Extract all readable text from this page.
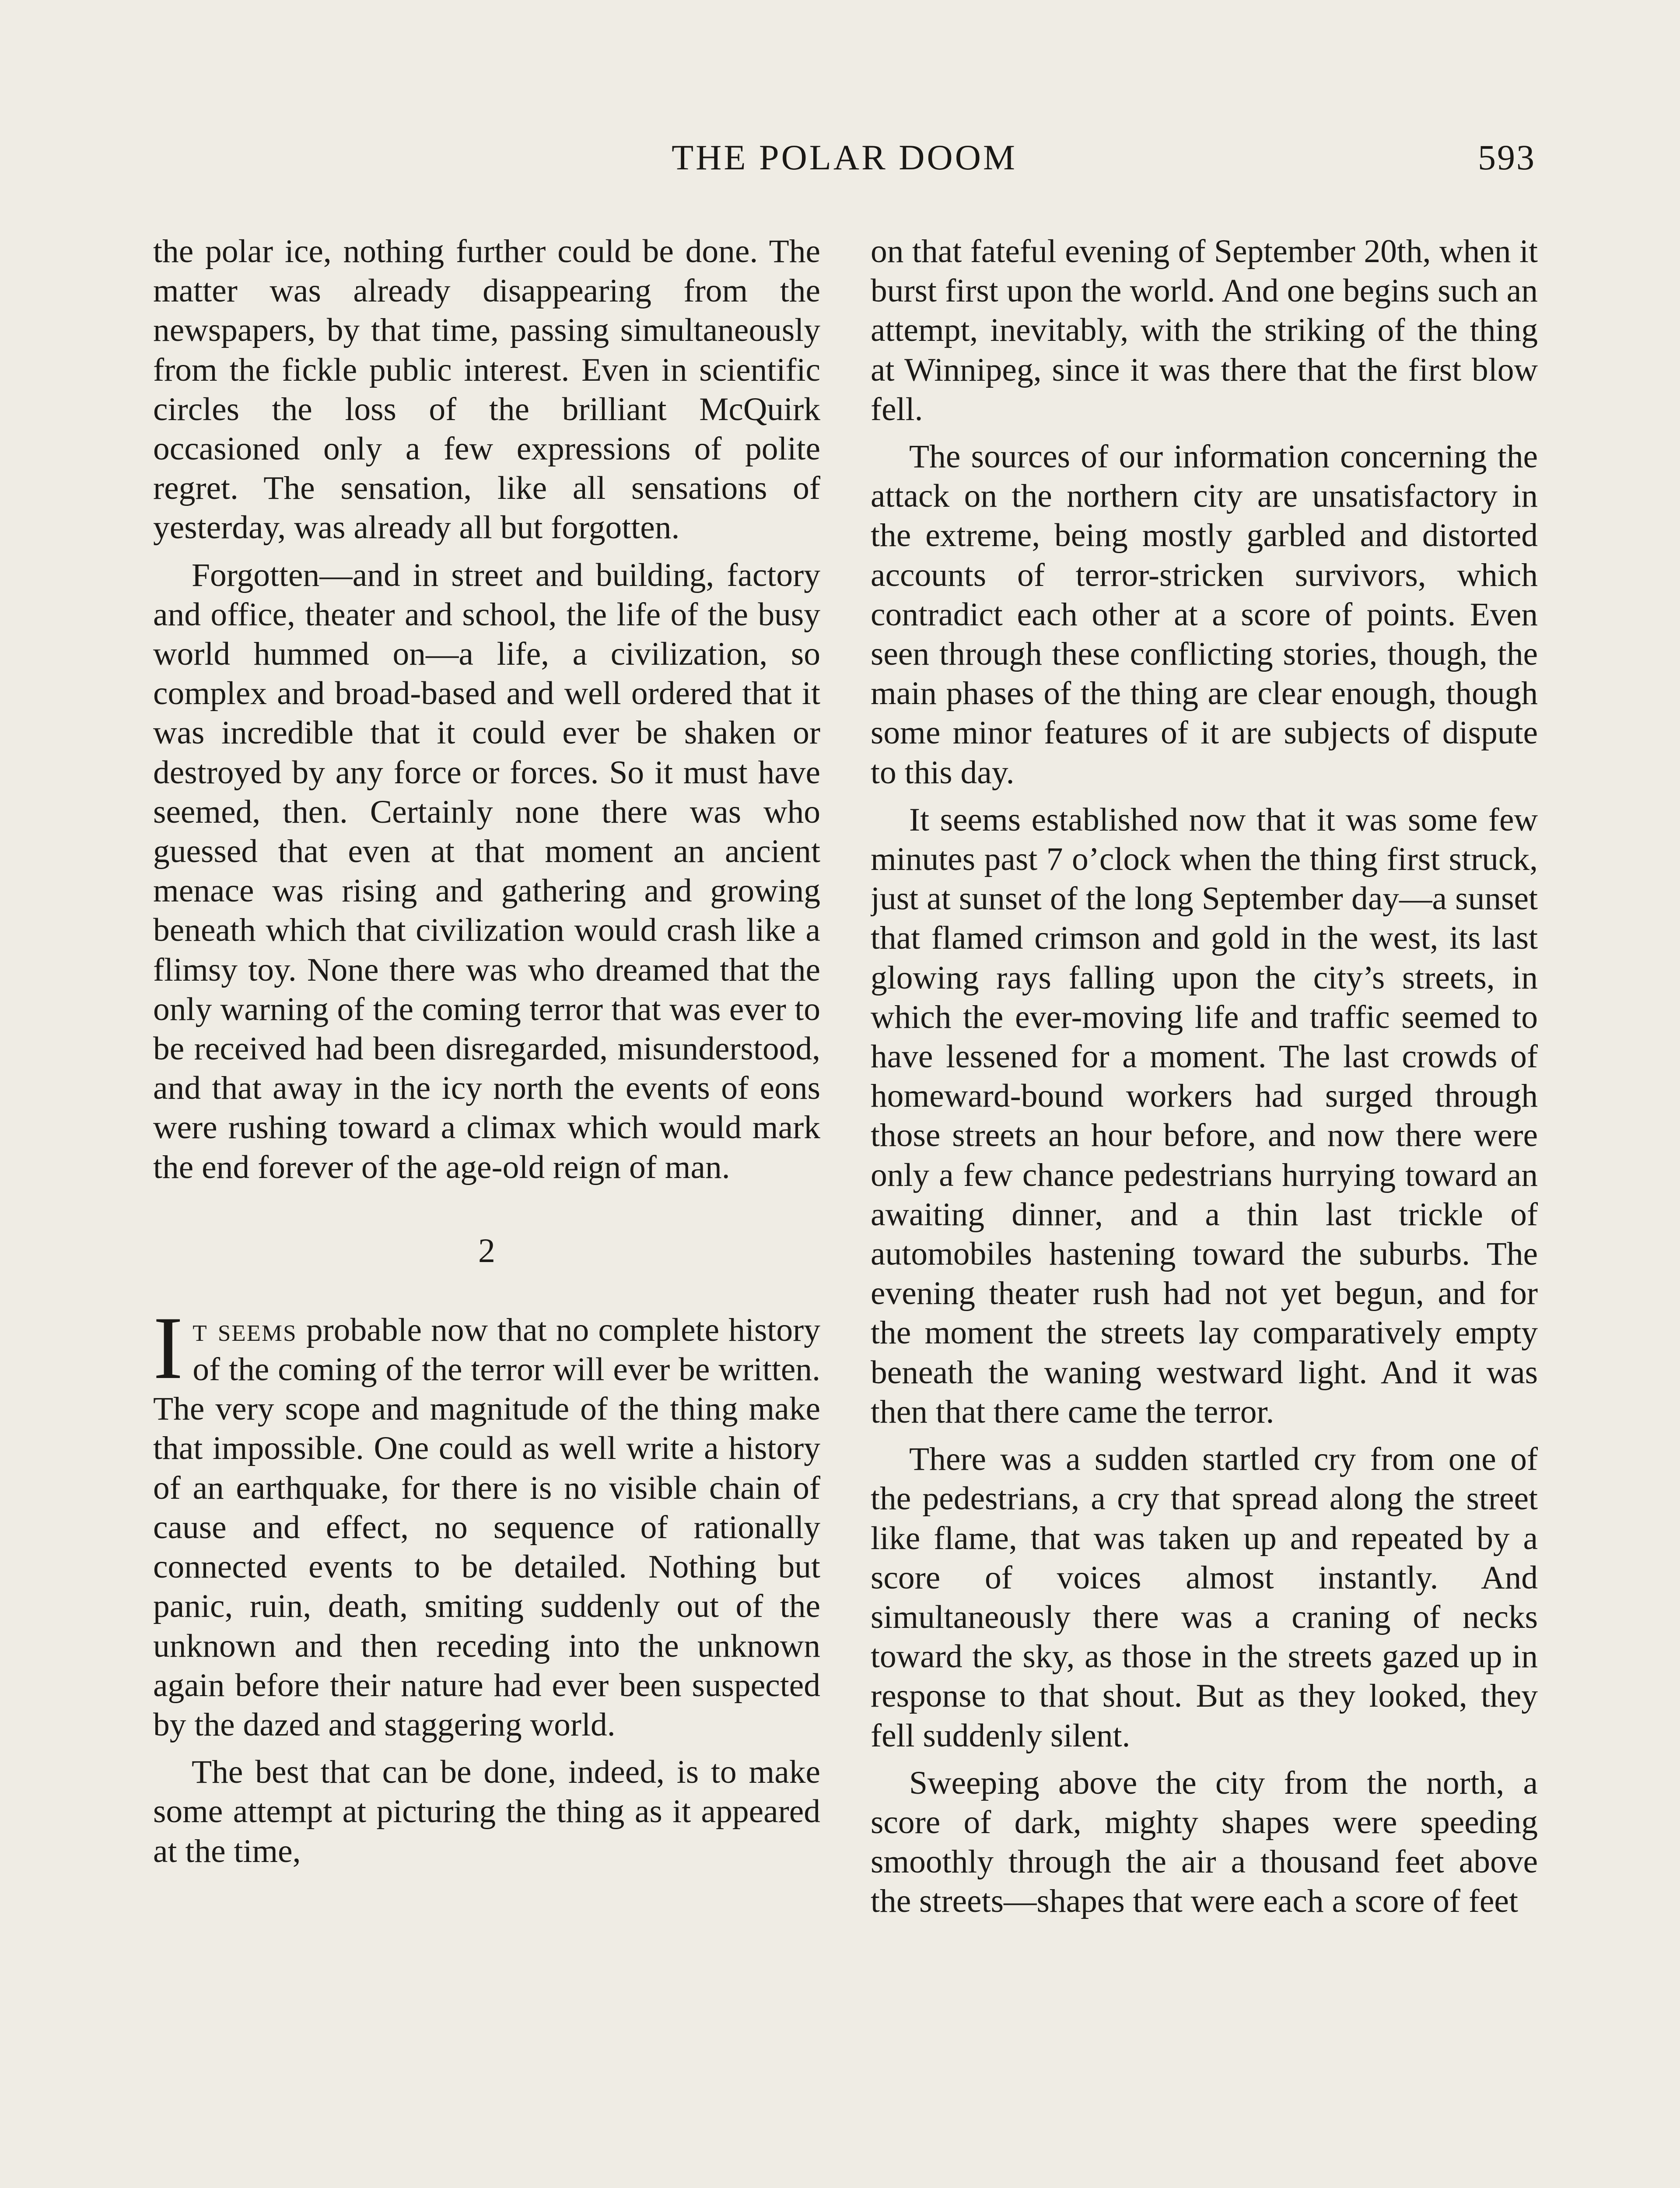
THE POLAR DOOM	593

the polar ice, nothing further could be done. The matter was already disappearing from the newspapers, by that time, passing simultaneously from the fickle public interest. Even in scientific circles the loss of the brilliant McQuirk occasioned only a few expressions of polite regret. The sensation, like all sensations of yesterday, was already all but forgotten.

Forgotten—and in street and building, factory and office, theater and school, the life of the busy world hummed on—a life, a civilization, so complex and broad-based and well ordered that it was incredible that it could ever be shaken or destroyed by any force or forces. So it must have seemed, then. Certainly none there was who guessed that even at that moment an ancient menace was rising and gathering and growing beneath which that civilization would crash like a flimsy toy. None there was who dreamed that the only warning of the coming terror that was ever to be received had been disregarded, misunderstood, and that away in the icy north the events of eons were rushing toward a climax which would mark the end forever of the age-old reign of man.

2

It seems probable now that no complete history of the coming of the terror will ever be written. The very scope and magnitude of the thing make that impossible. One could as well write a history of an earthquake, for there is no visible chain of cause and effect, no sequence of rationally connected events to be detailed. Nothing but panic, ruin, death, smiting suddenly out of the unknown and then receding into the unknown again before their nature had ever been suspected by the dazed and staggering world.

The best that can be done, indeed, is to make some attempt at picturing the thing as it appeared at the time,

on that fateful evening of September 20th, when it burst first upon the world. And one begins such an attempt, inevitably, with the striking of the thing at Winnipeg, since it was there that the first blow fell.

The sources of our information concerning the attack on the northern city are unsatisfactory in the extreme, being mostly garbled and distorted accounts of terror-stricken survivors, which contradict each other at a score of points. Even seen through these conflicting stories, though, the main phases of the thing are clear enough, though some minor features of it are subjects of dispute to this day.

It seems established now that it was some few minutes past 7 o’clock when the thing first struck, just at sunset of the long September day—a sunset that flamed crimson and gold in the west, its last glowing rays falling upon the city’s streets, in which the ever-moving life and traffic seemed to have lessened for a moment. The last crowds of homeward-bound workers had surged through those streets an hour before, and now there were only a few chance pedestrians hurrying toward an awaiting dinner, and a thin last trickle of automobiles hastening toward the suburbs. The evening theater rush had not yet begun, and for the moment the streets lay comparatively empty beneath the waning westward light. And it was then that there came the terror.

There was a sudden startled cry from one of the pedestrians, a cry that spread along the street like flame, that was taken up and repeated by a score of voices almost instantly. And simultaneously there was a craning of necks toward the sky, as those in the streets gazed up in response to that shout. But as they looked, they fell suddenly silent.

Sweeping above the city from the north, a score of dark, mighty shapes were speeding smoothly through the air a thousand feet above the streets—shapes that were each a score of feet
